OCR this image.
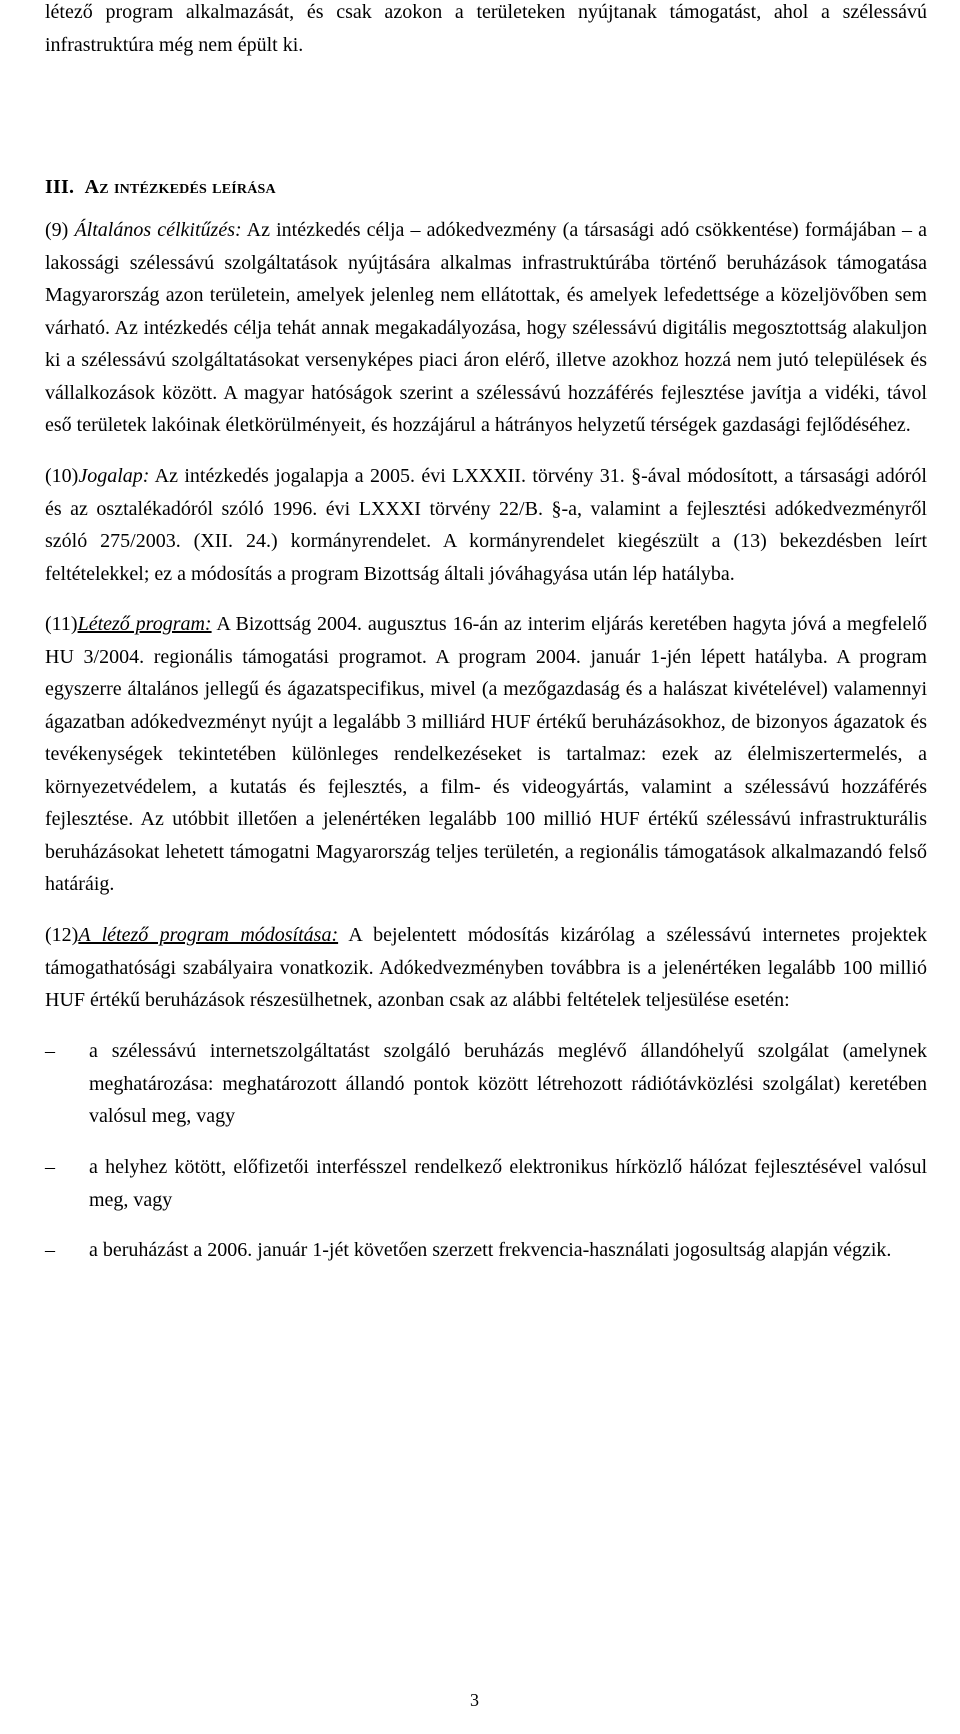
létező program alkalmazását, és csak azokon a területeken nyújtanak támogatást, ahol a szélessávú infrastruktúra még nem épült ki.

III. Az intézkedés leírása

(9) Általános célkitűzés: Az intézkedés célja – adókedvezmény (a társasági adó csökkentése) formájában – a lakossági szélessávú szolgáltatások nyújtására alkalmas infrastruktúrába történő beruházások támogatása Magyarország azon területein, amelyek jelenleg nem ellátottak, és amelyek lefedettsége a közeljövőben sem várható. Az intézkedés célja tehát annak megakadályozása, hogy szélessávú digitális megosztottság alakuljon ki a szélessávú szolgáltatásokat versenyképes piaci áron elérő, illetve azokhoz hozzá nem jutó települések és vállalkozások között. A magyar hatóságok szerint a szélessávú hozzáférés fejlesztése javítja a vidéki, távol eső területek lakóinak életkörülményeit, és hozzájárul a hátrányos helyzetű térségek gazdasági fejlődéséhez.

(10)Jogalap: Az intézkedés jogalapja a 2005. évi LXXXII. törvény 31. §-ával módosított, a társasági adóról és az osztalékadóról szóló 1996. évi LXXXI törvény 22/B. §-a, valamint a fejlesztési adókedvezményről szóló 275/2003. (XII. 24.) kormányrendelet. A kormányrendelet kiegészült a (13) bekezdésben leírt feltételekkel; ez a módosítás a program Bizottság általi jóváhagyása után lép hatályba.

(11)Létező program: A Bizottság 2004. augusztus 16-án az interim eljárás keretében hagyta jóvá a megfelelő HU 3/2004. regionális támogatási programot. A program 2004. január 1-jén lépett hatályba. A program egyszerre általános jellegű és ágazatspecifikus, mivel (a mezőgazdaság és a halászat kivételével) valamennyi ágazatban adókedvezményt nyújt a legalább 3 milliárd HUF értékű beruházásokhoz, de bizonyos ágazatok és tevékenységek tekintetében különleges rendelkezéseket is tartalmaz: ezek az élelmiszertermelés, a környezetvédelem, a kutatás és fejlesztés, a film- és videogyártás, valamint a szélessávú hozzáférés fejlesztése. Az utóbbit illetően a jelenértéken legalább 100 millió HUF értékű szélessávú infrastrukturális beruházásokat lehetett támogatni Magyarország teljes területén, a regionális támogatások alkalmazandó felső határáig.

(12)A létező program módosítása: A bejelentett módosítás kizárólag a szélessávú internetes projektek támogathatósági szabályaira vonatkozik. Adókedvezményben továbbra is a jelenértéken legalább 100 millió HUF értékű beruházások részesülhetnek, azonban csak az alábbi feltételek teljesülése esetén:

– a szélessávú internetszolgáltatást szolgáló beruházás meglévő állandóhelyű szolgálat (amelynek meghatározása: meghatározott állandó pontok között létrehozott rádiótávközlési szolgálat) keretében valósul meg, vagy
– a helyhez kötött, előfizetői interfésszel rendelkező elektronikus hírközlő hálózat fejlesztésével valósul meg, vagy
– a beruházást a 2006. január 1-jét követően szerzett frekvencia-használati jogosultság alapján végzik.
3
